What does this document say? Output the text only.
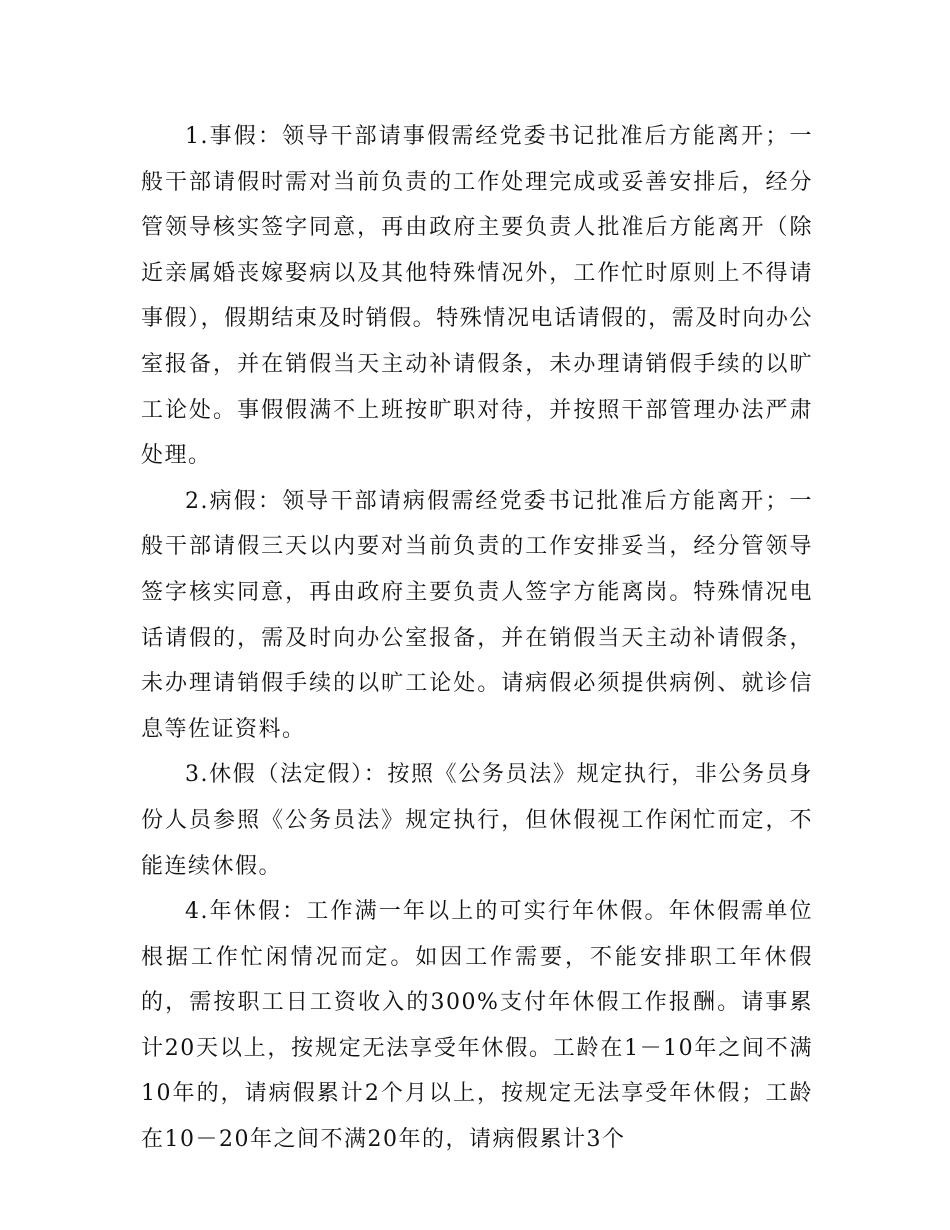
1.事假：领导干部请事假需经党委书记批准后方能离开；一般干部请假时需对当前负责的工作处理完成或妥善安排后，经分管领导核实签字同意，再由政府主要负责人批准后方能离开（除近亲属婚丧嫁娶病以及其他特殊情况外，工作忙时原则上不得请事假），假期结束及时销假。特殊情况电话请假的，需及时向办公室报备，并在销假当天主动补请假条，未办理请销假手续的以旷工论处。事假假满不上班按旷职对待，并按照干部管理办法严肃处理。

2.病假：领导干部请病假需经党委书记批准后方能离开；一般干部请假三天以内要对当前负责的工作安排妥当，经分管领导签字核实同意，再由政府主要负责人签字方能离岗。特殊情况电话请假的，需及时向办公室报备，并在销假当天主动补请假条，未办理请销假手续的以旷工论处。请病假必须提供病例、就诊信息等佐证资料。

3.休假（法定假）：按照《公务员法》规定执行，非公务员身份人员参照《公务员法》规定执行，但休假视工作闲忙而定，不能连续休假。

4.年休假：工作满一年以上的可实行年休假。年休假需单位根据工作忙闲情况而定。如因工作需要，不能安排职工年休假的，需按职工日工资收入的300%支付年休假工作报酬。请事累计20天以上，按规定无法享受年休假。工龄在1－10年之间不满10年的，请病假累计2个月以上，按规定无法享受年休假；工龄在10－20年之间不满20年的，请病假累计3个
